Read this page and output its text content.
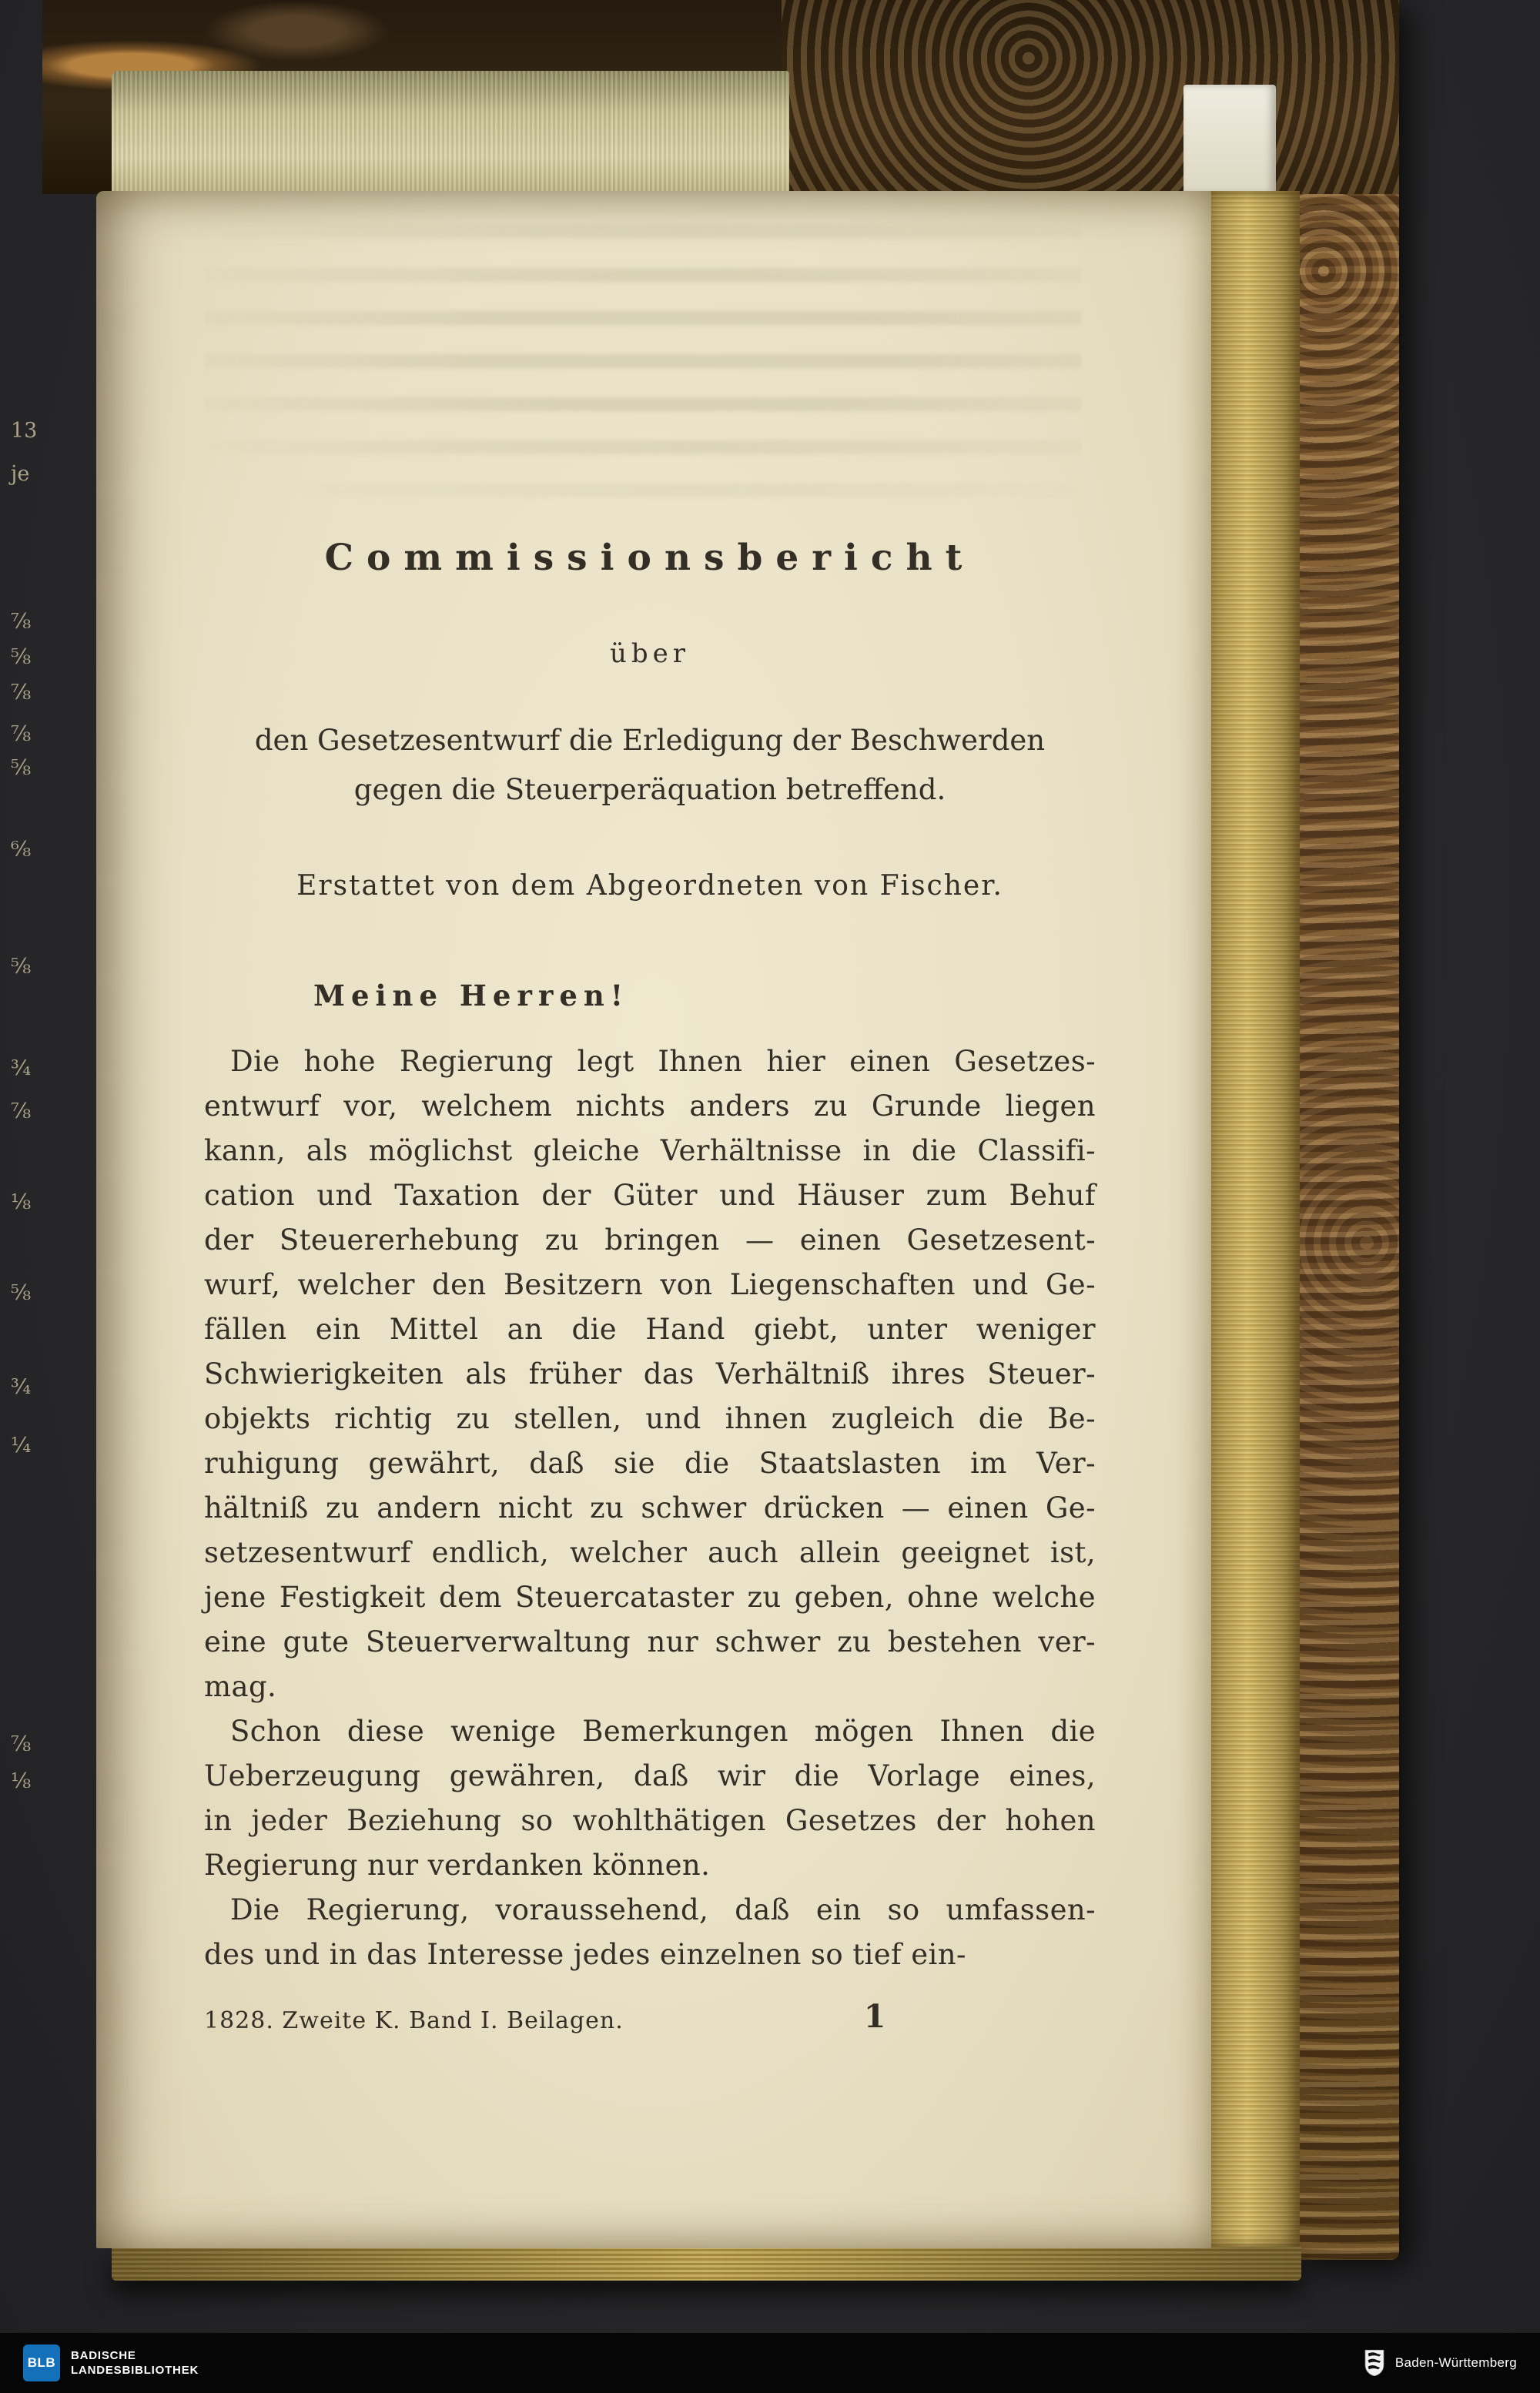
13
je
⅞
⅝
⅞
⅞
⅝
⁶⁄₈
⅝
¾
⅞
⅛
⅝
¾
¼
⅞
⅛
Commissionsbericht
über
den Gesetzesentwurf die Erledigung der Beschwerden
gegen die Steuerperäquation betreffend.
Erstattet von dem Abgeordneten von Fischer.
Meine Herren!
Die hohe Regierung legt Ihnen hier einen Gesetzes-
entwurf vor, welchem nichts anders zu Grunde liegen
kann, als möglichst gleiche Verhältnisse in die Classifi-
cation und Taxation der Güter und Häuser zum Behuf
der Steuererhebung zu bringen — einen Gesetzesent-
wurf, welcher den Besitzern von Liegenschaften und Ge-
fällen ein Mittel an die Hand giebt, unter weniger
Schwierigkeiten als früher das Verhältniß ihres Steuer-
objekts richtig zu stellen, und ihnen zugleich die Be-
ruhigung gewährt, daß sie die Staatslasten im Ver-
hältniß zu andern nicht zu schwer drücken — einen Ge-
setzesentwurf endlich, welcher auch allein geeignet ist,
jene Festigkeit dem Steuercataster zu geben, ohne welche
eine gute Steuerverwaltung nur schwer zu bestehen ver-
mag.
Schon diese wenige Bemerkungen mögen Ihnen die
Ueberzeugung gewähren, daß wir die Vorlage eines,
in jeder Beziehung so wohlthätigen Gesetzes der hohen
Regierung nur verdanken können.
Die Regierung, voraussehend, daß ein so umfassen-
des und in das Interesse jedes einzelnen so tief ein-
1828. Zweite K. Band I. Beilagen.	1
BLB	BADISCHE
LANDESBIBLIOTHEK
Baden-Württemberg
